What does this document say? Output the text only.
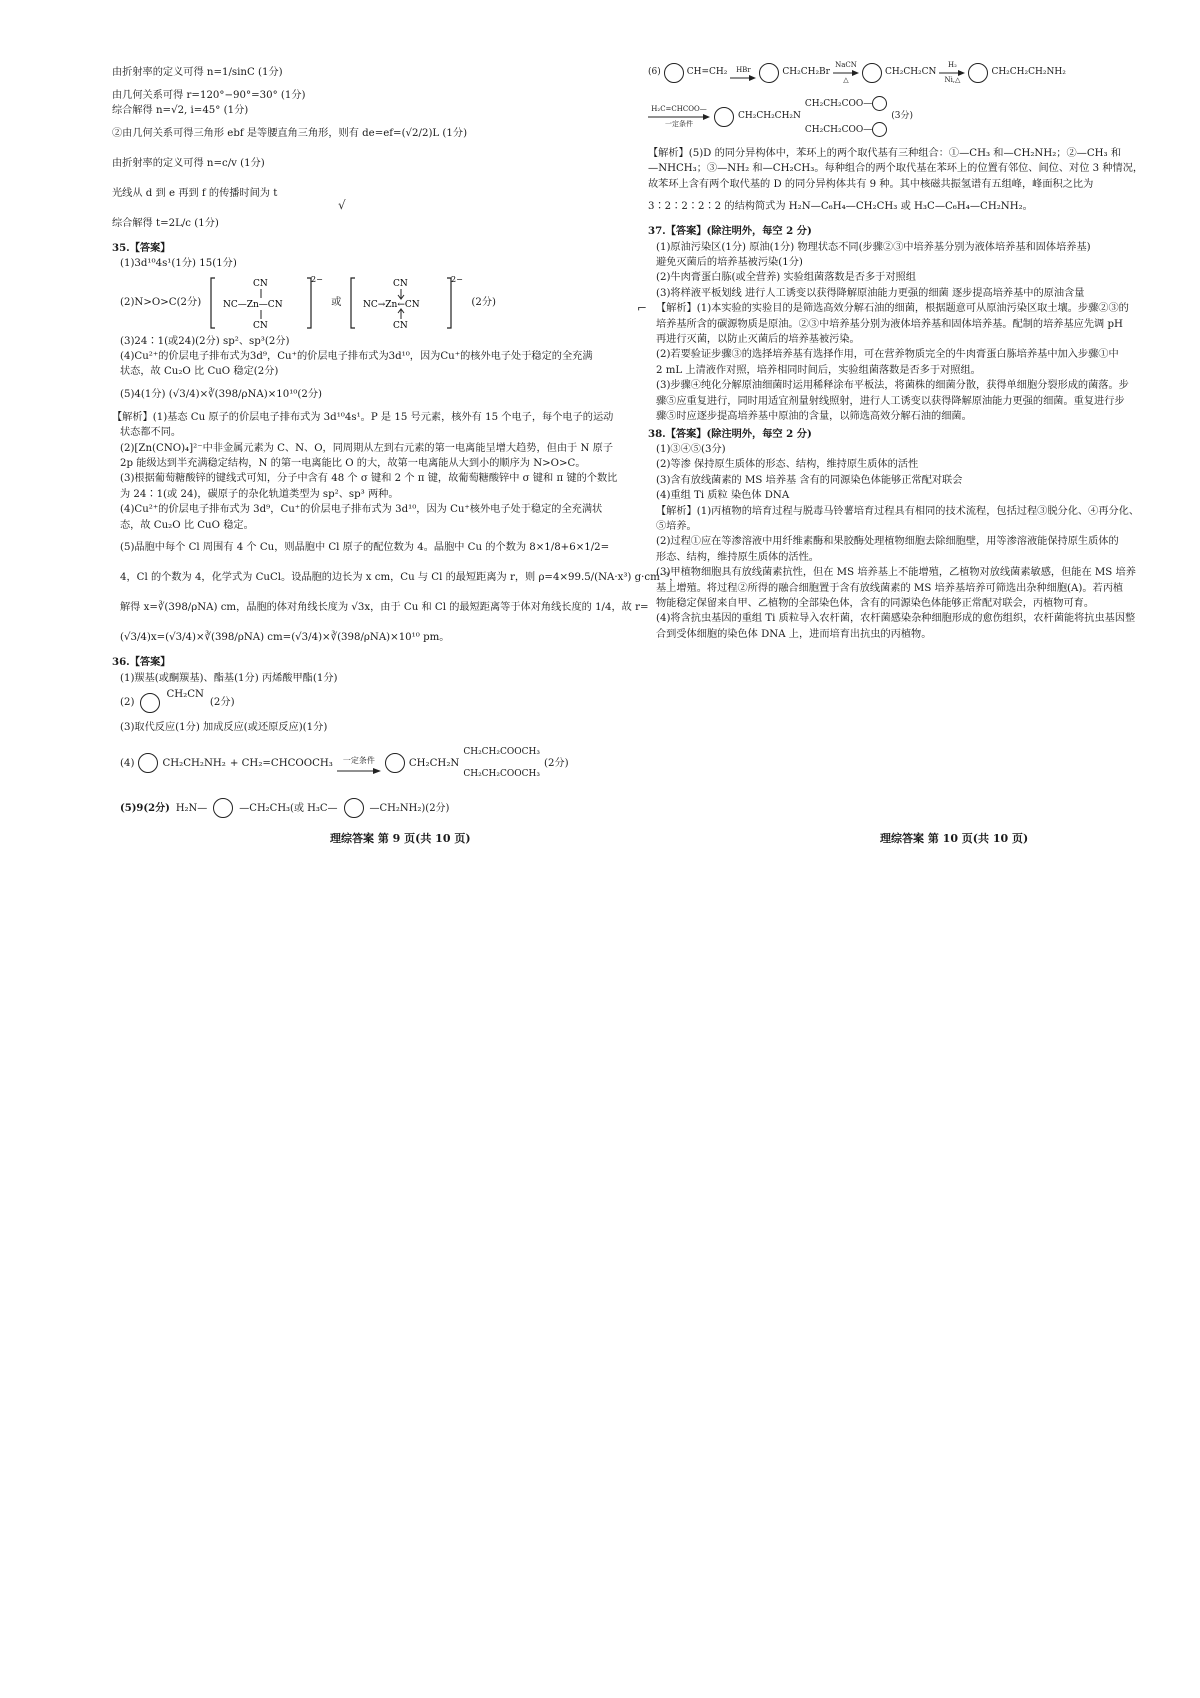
由折射率的定义可得 n=1/sinC (1分)
由几何关系可得 r=120°−90°=30° (1分)
综合解得 n=√2, i=45° (1分)
②由几何关系可得三角形 ebf 是等腰直角三角形，则有 de=ef=(√2/2)L (1分)
由折射率的定义可得 n=c/v (1分)
光线从 d 到 e 再到 f 的传播时间为 t
综合解得 t=2L/c (1分)
35.【答案】
(1)3d¹⁰4s¹(1分) 15(1分)
(2)N>O>C(2分)
CN
NC—Zn—CN
CN
2−
或
CN
NC→Zn←CN
CN
2−
(2分)
(3)24∶1(或24)(2分) sp²、sp³(2分)
(4)Cu²⁺的价层电子排布式为3d⁹，Cu⁺的价层电子排布式为3d¹⁰，因为Cu⁺的核外电子处于稳定的全充满
状态，故 Cu₂O 比 CuO 稳定(2分)
(5)4(1分) (√3/4)×∛(398/ρNA)×10¹⁰(2分)
【解析】(1)基态 Cu 原子的价层电子排布式为 3d¹⁰4s¹。P 是 15 号元素，核外有 15 个电子，每个电子的运动
状态都不同。
(2)[Zn(CNO)₄]²⁻中非金属元素为 C、N、O，同周期从左到右元素的第一电离能呈增大趋势，但由于 N 原子
2p 能级达到半充满稳定结构，N 的第一电离能比 O 的大，故第一电离能从大到小的顺序为 N>O>C。
(3)根据葡萄糖酸锌的键线式可知，分子中含有 48 个 σ 键和 2 个 π 键，故葡萄糖酸锌中 σ 键和 π 键的个数比
为 24∶1(或 24)，碳原子的杂化轨道类型为 sp²、sp³ 两种。
(4)Cu²⁺的价层电子排布式为 3d⁹，Cu⁺的价层电子排布式为 3d¹⁰，因为 Cu⁺核外电子处于稳定的全充满状
态，故 Cu₂O 比 CuO 稳定。
(5)晶胞中每个 Cl 周围有 4 个 Cu，则晶胞中 Cl 原子的配位数为 4。晶胞中 Cu 的个数为 8×1/8+6×1/2=
4，Cl 的个数为 4，化学式为 CuCl。设晶胞的边长为 x cm，Cu 与 Cl 的最短距离为 r，则 ρ=4×99.5/(NA·x³) g·cm⁻³，
解得 x=∛(398/ρNA) cm，晶胞的体对角线长度为 √3x，由于 Cu 和 Cl 的最短距离等于体对角线长度的 1/4，故 r=
(√3/4)x=(√3/4)×∛(398/ρNA) cm=(√3/4)×∛(398/ρNA)×10¹⁰ pm。
36.【答案】
(1)羰基(或酮羰基)、酯基(1分) 丙烯酸甲酯(1分)
(2)
CH₂CN
(2分)
(3)取代反应(1分) 加成反应(或还原反应)(1分)
(4)	CH₂CH₂NH₂ + CH₂=CHCOOCH₃ 一定条件	CH₂CH₂N
CH₂CH₂COOCH₃
CH₂CH₂COOCH₃
(2分)
(5)9(2分) H₂N—	—CH₂CH₃(或 H₃C—	—CH₂NH₂)(2分)
(6)	CH=CH₂ HBr	CH₂CH₂Br
NaCN
△
CH₂CH₂CN
H₂
Ni,△
CH₂CH₂CH₂NH₂
H₂C=CHCOO—
一定条件
CH₂CH₂CH₂N
CH₂CH₂COO—
CH₂CH₂COO—
(3分)
【解析】(5)D 的同分异构体中，苯环上的两个取代基有三种组合：①—CH₃ 和—CH₂NH₂；②—CH₃ 和
—NHCH₃；③—NH₂ 和—CH₂CH₃。每种组合的两个取代基在苯环上的位置有邻位、间位、对位 3 种情况，
故苯环上含有两个取代基的 D 的同分异构体共有 9 种。其中核磁共振氢谱有五组峰，峰面积之比为
3∶2∶2∶2∶2 的结构简式为 H₂N—C₆H₄—CH₂CH₃ 或 H₃C—C₆H₄—CH₂NH₂。
37.【答案】(除注明外，每空 2 分)
(1)原油污染区(1分) 原油(1分) 物理状态不同(步骤②③中培养基分别为液体培养基和固体培养基)
避免灭菌后的培养基被污染(1分)
(2)牛肉膏蛋白胨(或全营养) 实验组菌落数是否多于对照组
(3)将样液平板划线 进行人工诱变以获得降解原油能力更强的细菌 逐步提高培养基中的原油含量
【解析】(1)本实验的实验目的是筛选高效分解石油的细菌，根据题意可从原油污染区取土壤。步骤②③的
培养基所含的碳源物质是原油。②③中培养基分别为液体培养基和固体培养基。配制的培养基应先调 pH
再进行灭菌，以防止灭菌后的培养基被污染。
(2)若要验证步骤③的选择培养基有选择作用，可在营养物质完全的牛肉膏蛋白胨培养基中加入步骤①中
2 mL 上清液作对照，培养相同时间后，实验组菌落数是否多于对照组。
(3)步骤④纯化分解原油细菌时运用稀释涂布平板法，将菌株的细菌分散，获得单细胞分裂形成的菌落。步
骤⑤应重复进行，同时用适宜剂量射线照射，进行人工诱变以获得降解原油能力更强的细菌。重复进行步
骤⑤时应逐步提高培养基中原油的含量，以筛选高效分解石油的细菌。
38.【答案】(除注明外，每空 2 分)
(1)③④⑤(3分)
(2)等渗 保持原生质体的形态、结构，维持原生质体的活性
(3)含有放线菌素的 MS 培养基 含有的同源染色体能够正常配对联会
(4)重组 Ti 质粒 染色体 DNA
【解析】(1)丙植物的培育过程与脱毒马铃薯培育过程具有相同的技术流程，包括过程③脱分化、④再分化、
⑤培养。
(2)过程①应在等渗溶液中用纤维素酶和果胶酶处理植物细胞去除细胞壁，用等渗溶液能保持原生质体的
形态、结构，维持原生质体的活性。
(3)甲植物细胞具有放线菌素抗性，但在 MS 培养基上不能增殖，乙植物对放线菌素敏感，但能在 MS 培养
基上增殖。将过程②所得的融合细胞置于含有放线菌素的 MS 培养基培养可筛选出杂种细胞(A)。若丙植
物能稳定保留来自甲、乙植物的全部染色体，含有的同源染色体能够正常配对联会，丙植物可育。
(4)将含抗虫基因的重组 Ti 质粒导入农杆菌，农杆菌感染杂种细胞形成的愈伤组织，农杆菌能将抗虫基因整
合到受体细胞的染色体 DNA 上，进而培育出抗虫的丙植物。
√
⌐
理综答案 第 9 页(共 10 页)	理综答案 第 10 页(共 10 页)
